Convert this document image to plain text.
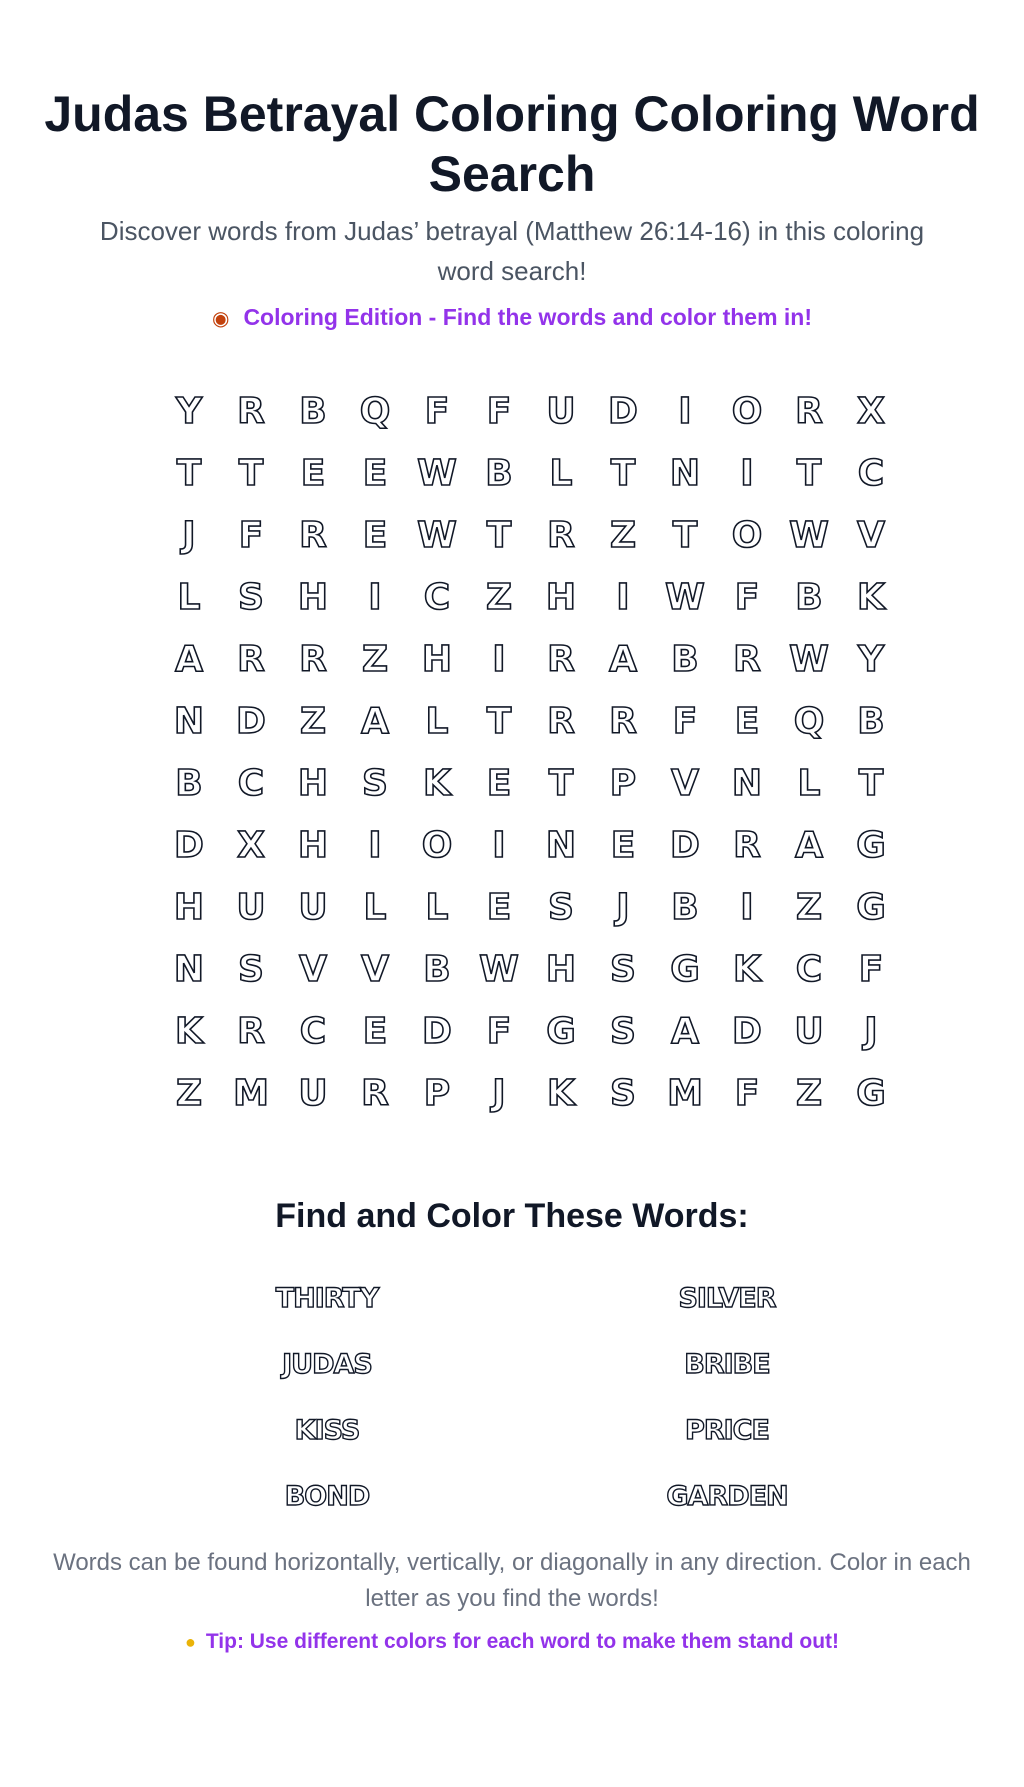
Judas Betrayal Coloring Coloring Word Search

Discover words from Judas’ betrayal (Matthew 26:14-16) in this coloring word search!

◉ Coloring Edition - Find the words and color them in!
Y R B Q F	F U D	I	O R X
T	T	E	E W B	L	T N	I	T	C
J	F R E W T R Z	T O W V
L	S H	I	C Z H	I W F B K
A R R Z H	I	R A B R W Y
N D Z A	L	T R R F	E Q B
B C H S K E	T	P V N L	T
D X H	I	O	I	N E D R A G
H U U L	L	E	S	J	B	I	Z G
N S V V B W H S G K C	F
K R C	E D F G S A D U	J
Z M U R P	J	K S M F	Z G
Find and Color These Words:
THIRTY	SILVER
JUDAS	BRIBE
KISS	PRICE
BOND	GARDEN

Words can be found horizontally, vertically, or diagonally in any direction. Color in each letter as you find the words!

● Tip: Use different colors for each word to make them stand out!
